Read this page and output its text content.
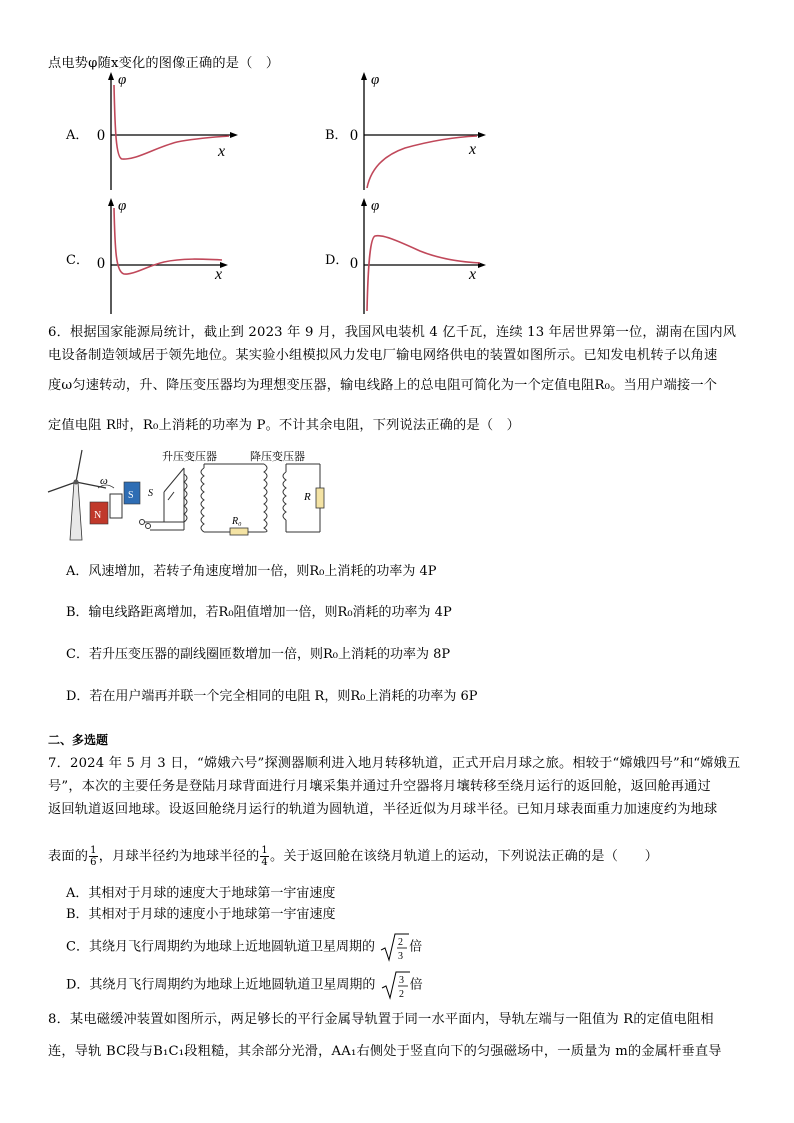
点电势φ随x变化的图像正确的是（　）
A．
φ
0
x
B．
φ
0
x
C．
φ
0
x
D．
φ
0
x
6．根据国家能源局统计，截止到 2023 年 9 月，我国风电装机 4 亿千瓦，连续 13 年居世界第一位，湖南在国内风
电设备制造领域居于领先地位。某实验小组模拟风力发电厂输电网络供电的装置如图所示。已知发电机转子以角速
度ω匀速转动，升、降压变压器均为理想变压器，输电线路上的总电阻可简化为一个定值电阻R₀。当用户端接一个
定值电阻 R时，R₀上消耗的功率为 P。不计其余电阻，下列说法正确的是（　）
N
S
ω
S
升压变压器
R₀
降压变压器
R
A．风速增加，若转子角速度增加一倍，则R₀上消耗的功率为 4P
B．输电线路距离增加，若R₀阻值增加一倍，则R₀消耗的功率为 4P
C．若升压变压器的副线圈匝数增加一倍，则R₀上消耗的功率为 8P
D．若在用户端再并联一个完全相同的电阻 R，则R₀上消耗的功率为 6P
二、多选题
7．2024 年 5 月 3 日，“嫦娥六号”探测器顺利进入地月转移轨道，正式开启月球之旅。相较于“嫦娥四号”和“嫦娥五
号”，本次的主要任务是登陆月球背面进行月壤采集并通过升空器将月壤转移至绕月运行的返回舱，返回舱再通过
返回轨道返回地球。设返回舱绕月运行的轨道为圆轨道，半径近似为月球半径。已知月球表面重力加速度约为地球
表面的 $\frac{1}{6}$ ，月球半径约为地球半径的 $\frac{1}{4}$ 。关于返回舱在该绕月轨道上的运动，下列说法正确的是（　　）
A．其相对于月球的速度大于地球第一宇宙速度
B．其相对于月球的速度小于地球第一宇宙速度
C．其绕月飞行周期约为地球上近地圆轨道卫星周期的 2
3
倍
D．其绕月飞行周期约为地球上近地圆轨道卫星周期的 3
2
倍
8．某电磁缓冲装置如图所示，两足够长的平行金属导轨置于同一水平面内，导轨左端与一阻值为 R的定值电阻相
连，导轨 BC段与B₁C₁段粗糙，其余部分光滑，AA₁右侧处于竖直向下的匀强磁场中，一质量为 m的金属杆垂直导
